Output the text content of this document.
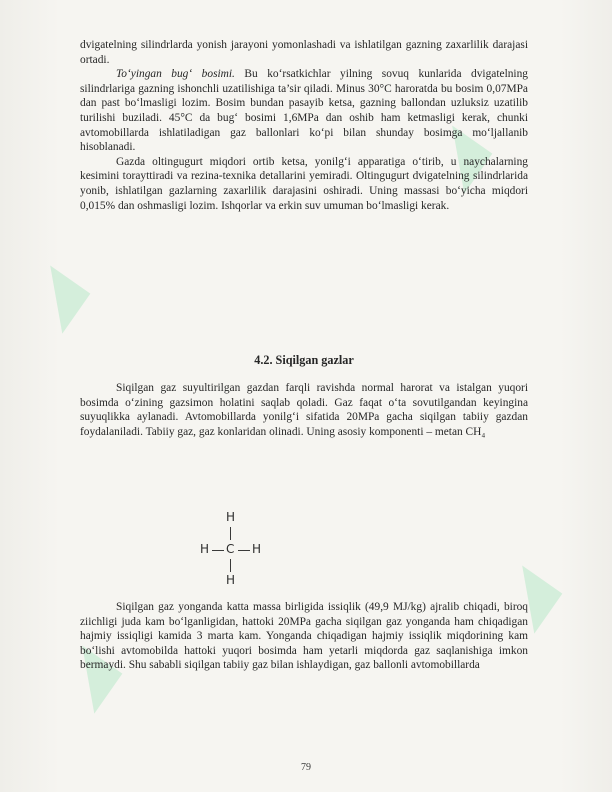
dvigatelning silindrlarda yonish jarayoni yomonlashadi va ishlatilgan gazning zaxarlilik darajasi ortadi.

To‘yingan bug‘ bosimi. Bu ko‘rsatkichlar yilning sovuq kunlarida dvigatelning silindrlariga gazning ishonchli uzatilishiga ta’sir qiladi. Minus 30°C haroratda bu bosim 0,07MPa dan past bo‘lmasligi lozim. Bosim bundan pasayib ketsa, gazning ballondan uzluksiz uzatilib turilishi buziladi. 45°C da bug‘ bosimi 1,6MPa dan oshib ham ketmasligi kerak, chunki avtomobillarda ishlatiladigan gaz ballonlari ko‘pi bilan shunday bosimga mo‘ljallanib hisoblanadi.

Gazda oltingugurt miqdori ortib ketsa, yonilg‘i apparatiga o‘tirib, u naychalarning kesimini torayttiradi va rezina-texnika detallarini yemiradi. Oltingugurt dvigatelning silindrlarida yonib, ishlatilgan gazlarning zaxarlilik darajasini oshiradi. Uning massasi bo‘yicha miqdori 0,015% dan oshmasligi lozim. Ishqorlar va erkin suv umuman bo‘lmasligi kerak.

4.2. Siqilgan gazlar

Siqilgan gaz suyultirilgan gazdan farqli ravishda normal harorat va istalgan yuqori bosimda o‘zining gazsimon holatini saqlab qoladi. Gaz faqat o‘ta sovutilgandan keyingina suyuqlikka aylanadi. Avtomobillarda yonilg‘i sifatida 20MPa gacha siqilgan tabiiy gazdan foydalaniladi. Tabiiy gaz, gaz konlaridan olinadi. Uning asosiy komponenti – metan CH₄

H
H C H
H

Siqilgan gaz yonganda katta massa birligida issiqlik (49,9 MJ/kg) ajralib chiqadi, biroq ziichligi juda kam bo‘lganligidan, hattoki 20MPa gacha siqilgan gaz yonganda ham chiqadigan hajmiy issiqligi kamida 3 marta kam. Yonganda chiqadigan hajmiy issiqlik miqdorining kam bo‘lishi avtomobilda hattoki yuqori bosimda ham yetarli miqdorda gaz saqlanishiga imkon bermaydi. Shu sababli siqilgan tabiiy gaz bilan ishlaydigan, gaz ballonli avtomobillarda

79
